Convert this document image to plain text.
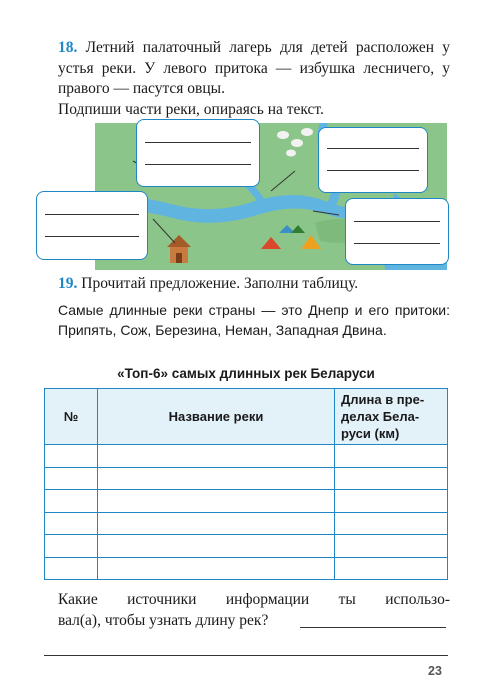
18. Летний палаточный лагерь для детей расположен у устья реки. У левого притока — избушка лесничего, у правого — пасутся овцы.

Подпиши части реки, опираясь на текст.

19. Прочитай предложение. Заполни таблицу.
Самые длинные реки страны — это Днепр и его притоки: Припять, Сож, Березина, Неман, Западная Двина.
«Топ-6» самых длинных рек Беларуси
№	Название реки	Длина в пре-
делах Бела-
руси (км)

Какие источники информации ты использо-
вал(а), чтобы узнать длину рек?
23
